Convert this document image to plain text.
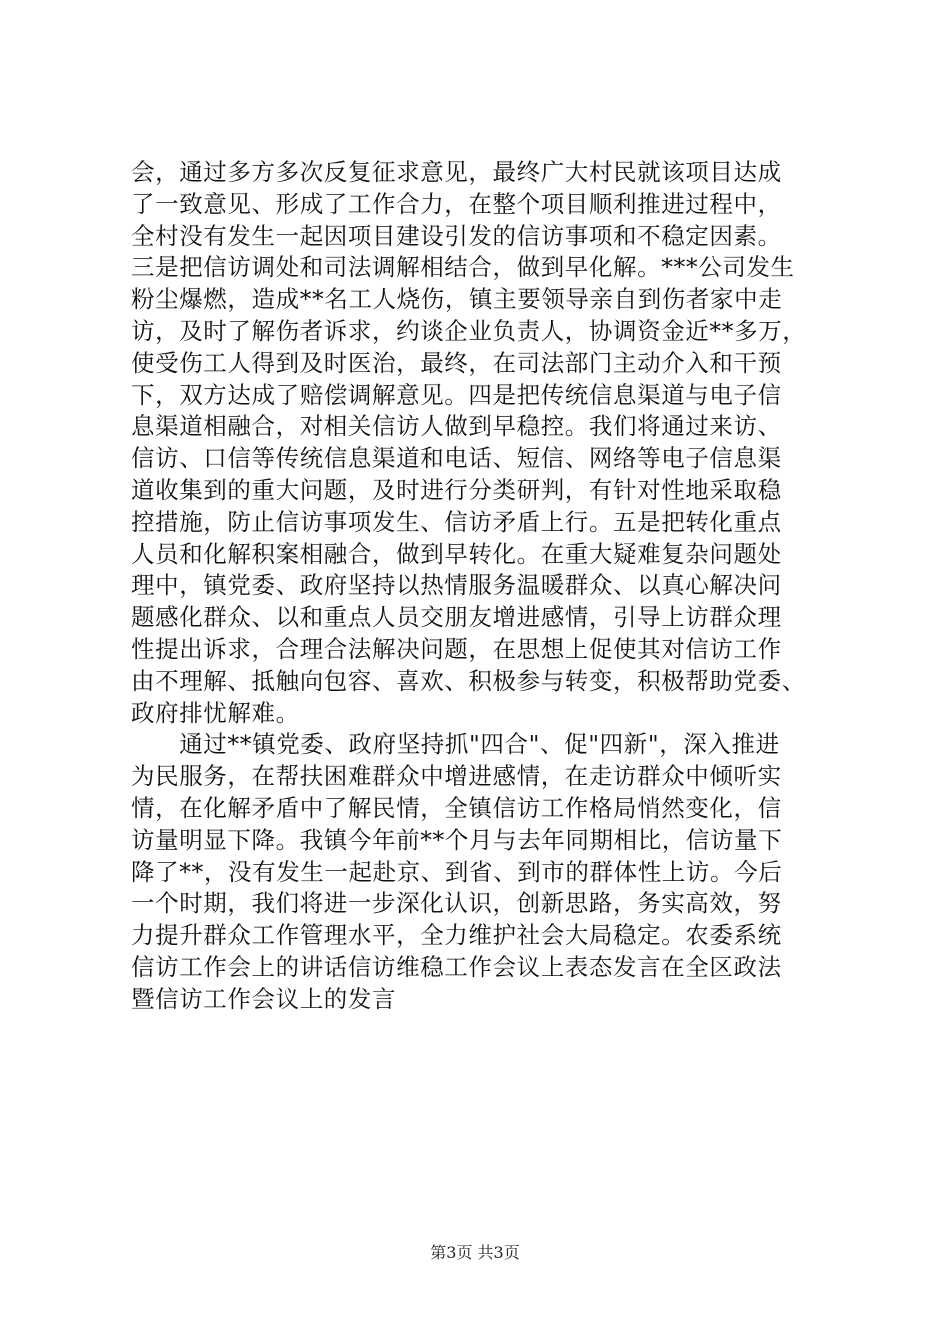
会，通过多方多次反复征求意见，最终广大村民就该项目达成
了一致意见、形成了工作合力，在整个项目顺利推进过程中，
全村没有发生一起因项目建设引发的信访事项和不稳定因素。
三是把信访调处和司法调解相结合，做到早化解。***公司发生
粉尘爆燃，造成**名工人烧伤，镇主要领导亲自到伤者家中走
访，及时了解伤者诉求，约谈企业负责人，协调资金近**多万，
使受伤工人得到及时医治，最终，在司法部门主动介入和干预
下，双方达成了赔偿调解意见。四是把传统信息渠道与电子信
息渠道相融合，对相关信访人做到早稳控。我们将通过来访、
信访、口信等传统信息渠道和电话、短信、网络等电子信息渠
道收集到的重大问题，及时进行分类研判，有针对性地采取稳
控措施，防止信访事项发生、信访矛盾上行。五是把转化重点
人员和化解积案相融合，做到早转化。在重大疑难复杂问题处
理中，镇党委、政府坚持以热情服务温暖群众、以真心解决问
题感化群众、以和重点人员交朋友增进感情，引导上访群众理
性提出诉求，合理合法解决问题，在思想上促使其对信访工作
由不理解、抵触向包容、喜欢、积极参与转变，积极帮助党委、
政府排忧解难。
　　通过**镇党委、政府坚持抓"四合"、促"四新"，深入推进
为民服务，在帮扶困难群众中增进感情，在走访群众中倾听实
情，在化解矛盾中了解民情，全镇信访工作格局悄然变化，信
访量明显下降。我镇今年前**个月与去年同期相比，信访量下
降了**，没有发生一起赴京、到省、到市的群体性上访。今后
一个时期，我们将进一步深化认识，创新思路，务实高效，努
力提升群众工作管理水平，全力维护社会大局稳定。农委系统
信访工作会上的讲话信访维稳工作会议上表态发言在全区政法
暨信访工作会议上的发言
第3页 共3页
